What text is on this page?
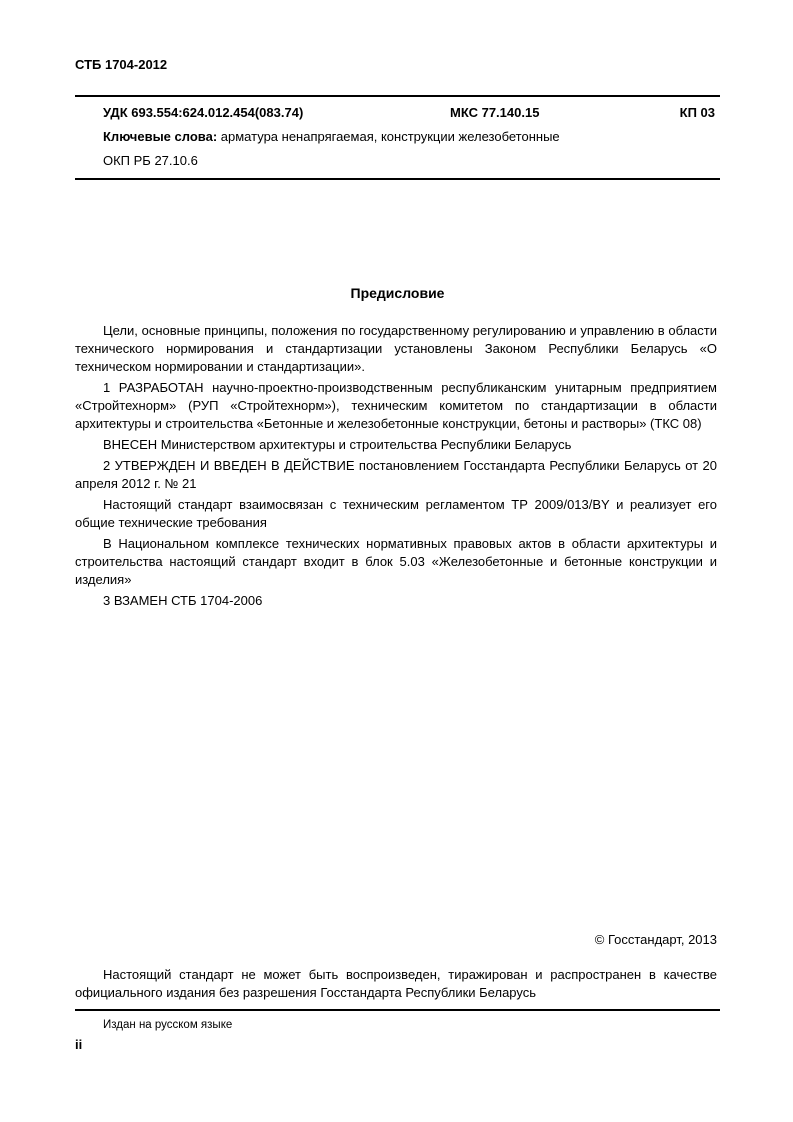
СТБ 1704-2012
УДК 693.554:624.012.454(083.74)	МКС 77.140.15	КП 03
Ключевые слова: арматура ненапрягаемая, конструкции железобетонные
ОКП РБ 27.10.6
Предисловие

Цели, основные принципы, положения по государственному регулированию и управлению в области технического нормирования и стандартизации установлены Законом Республики Беларусь «О техническом нормировании и стандартизации».

1 РАЗРАБОТАН научно-проектно-производственным республиканским унитарным предприятием «Стройтехнорм» (РУП «Стройтехнорм»), техническим комитетом по стандартизации в области архитектуры и строительства «Бетонные и железобетонные конструкции, бетоны и растворы» (ТКС 08)

ВНЕСЕН Министерством архитектуры и строительства Республики Беларусь

2 УТВЕРЖДЕН И ВВЕДЕН В ДЕЙСТВИЕ постановлением Госстандарта Республики Беларусь от 20 апреля 2012 г. № 21

Настоящий стандарт взаимосвязан с техническим регламентом ТР 2009/013/BY и реализует его общие технические требования

В Национальном комплексе технических нормативных правовых актов в области архитектуры и строительства настоящий стандарт входит в блок 5.03 «Железобетонные и бетонные конструкции и изделия»

3 ВЗАМЕН СТБ 1704-2006

© Госстандарт, 2013

Настоящий стандарт не может быть воспроизведен, тиражирован и распространен в качестве официального издания без разрешения Госстандарта Республики Беларусь

Издан на русском языке
ii
